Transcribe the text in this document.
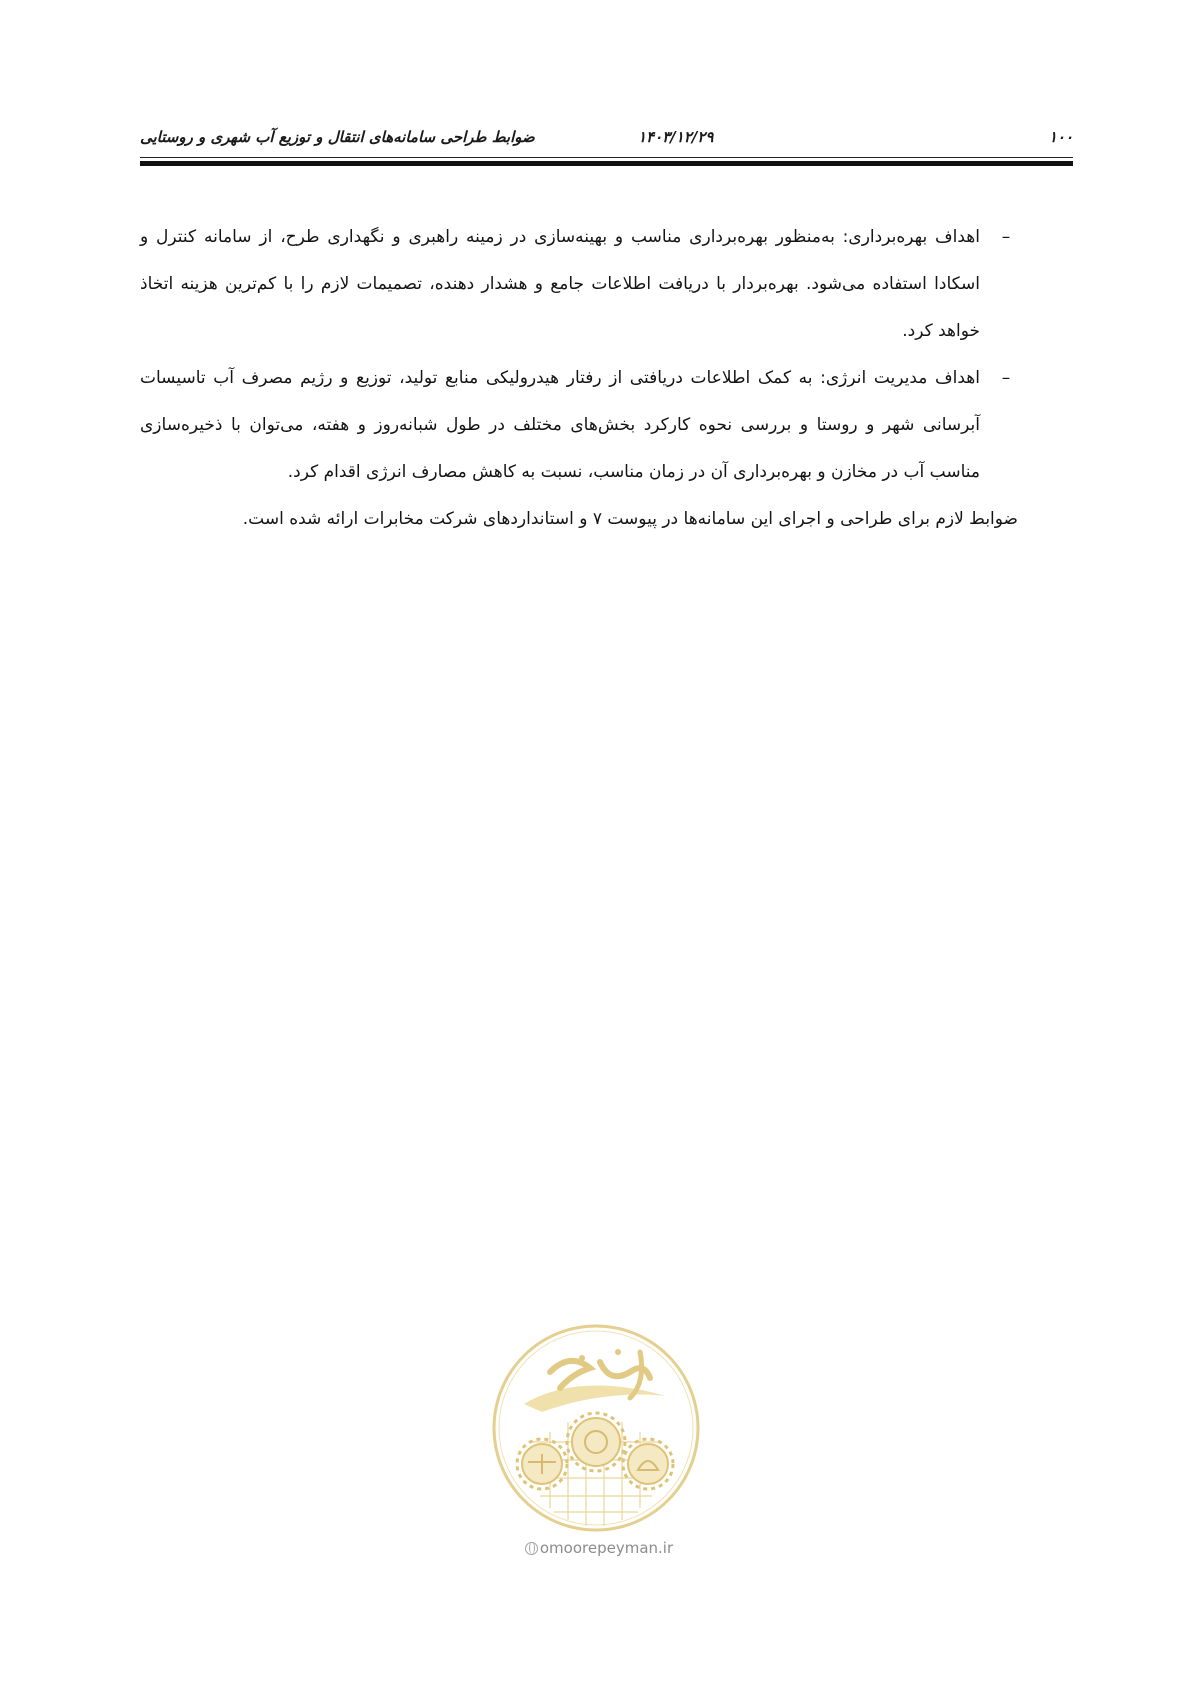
ضوابط طراحی سامانه‌های انتقال و توزیع آب شهری و روستایی	۱۴۰۳/۱۲/۲۹	۱۰۰

–
اهداف بهره‌برداری: به‌منظور بهره‌برداری مناسب و بهینه‌سازی در زمینه راهبری و نگهداری طرح، از سامانه کنترل و اسکادا استفاده می‌شود. بهره‌بردار با دریافت اطلاعات جامع و هشدار دهنده، تصمیمات لازم را با کم‌ترین هزینه اتخاذ خواهد کرد.

–
اهداف مدیریت انرژی: به کمک اطلاعات دریافتی از رفتار هیدرولیکی منابع تولید، توزیع و رژیم مصرف آب تاسیسات آبرسانی شهر و روستا و بررسی نحوه کارکرد بخش‌های مختلف در طول شبانه‌روز و هفته، می‌توان با ذخیره‌سازی مناسب آب در مخازن و بهره‌برداری آن در زمان مناسب، نسبت به کاهش مصارف انرژی اقدام کرد.

ضوابط لازم برای طراحی و اجرای این سامانه‌ها در پیوست ۷ و استانداردهای شرکت مخابرات ارائه شده است.

omoorepeyman.ir
